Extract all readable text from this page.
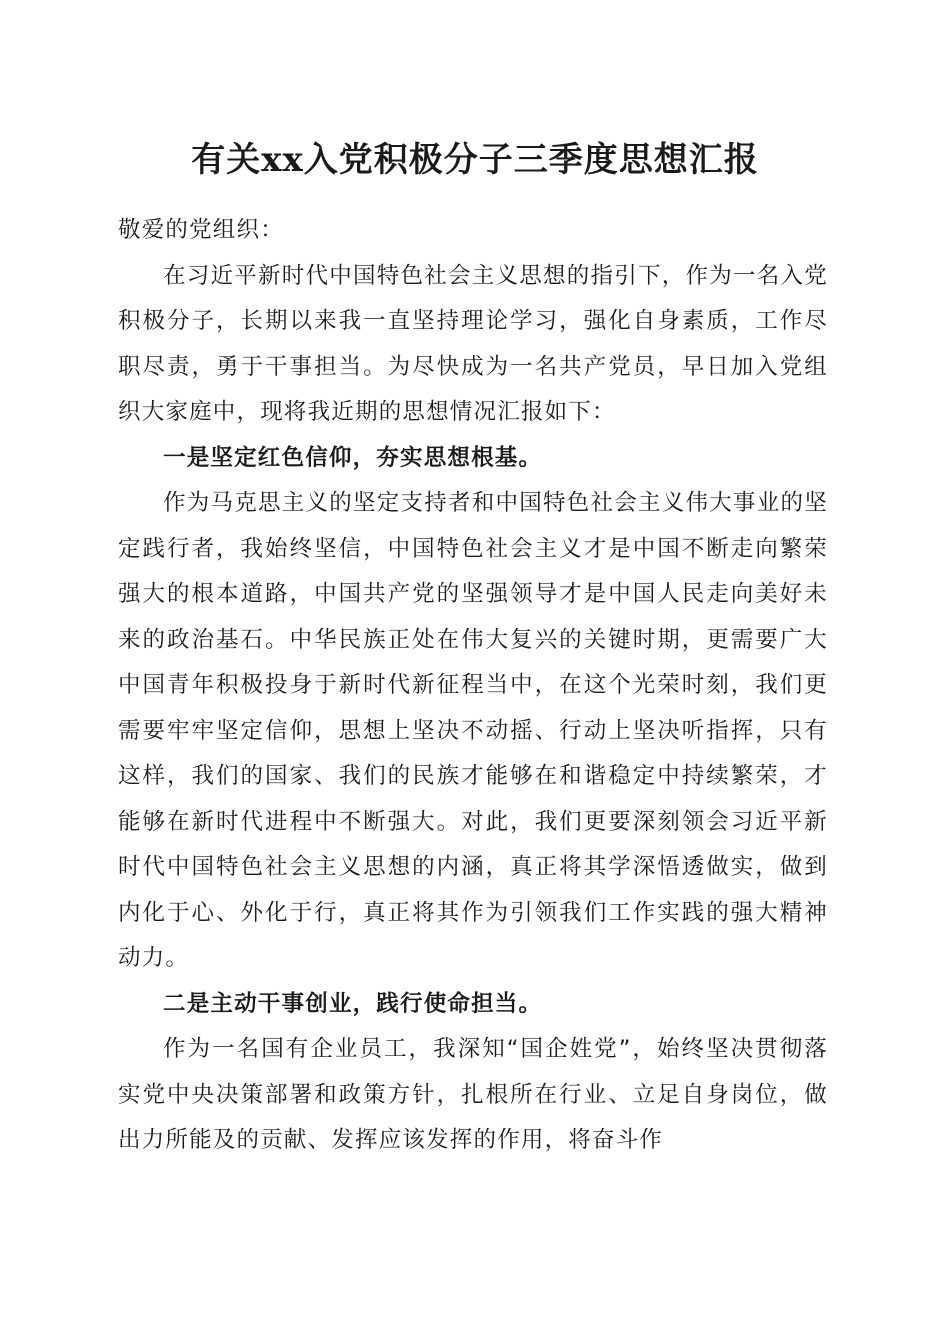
有关xx入党积极分子三季度思想汇报

敬爱的党组织：

在习近平新时代中国特色社会主义思想的指引下，作为一名入党积极分子，长期以来我一直坚持理论学习，强化自身素质，工作尽职尽责，勇于干事担当。为尽快成为一名共产党员，早日加入党组织大家庭中，现将我近期的思想情况汇报如下：

一是坚定红色信仰，夯实思想根基。

作为马克思主义的坚定支持者和中国特色社会主义伟大事业的坚定践行者，我始终坚信，中国特色社会主义才是中国不断走向繁荣强大的根本道路，中国共产党的坚强领导才是中国人民走向美好未来的政治基石。中华民族正处在伟大复兴的关键时期，更需要广大中国青年积极投身于新时代新征程当中，在这个光荣时刻，我们更需要牢牢坚定信仰，思想上坚决不动摇、行动上坚决听指挥，只有这样，我们的国家、我们的民族才能够在和谐稳定中持续繁荣，才能够在新时代进程中不断强大。对此，我们更要深刻领会习近平新时代中国特色社会主义思想的内涵，真正将其学深悟透做实，做到内化于心、外化于行，真正将其作为引领我们工作实践的强大精神动力。

二是主动干事创业，践行使命担当。

作为一名国有企业员工，我深知“国企姓党”，始终坚决贯彻落实党中央决策部署和政策方针，扎根所在行业、立足自身岗位，做出力所能及的贡献、发挥应该发挥的作用，将奋斗作
